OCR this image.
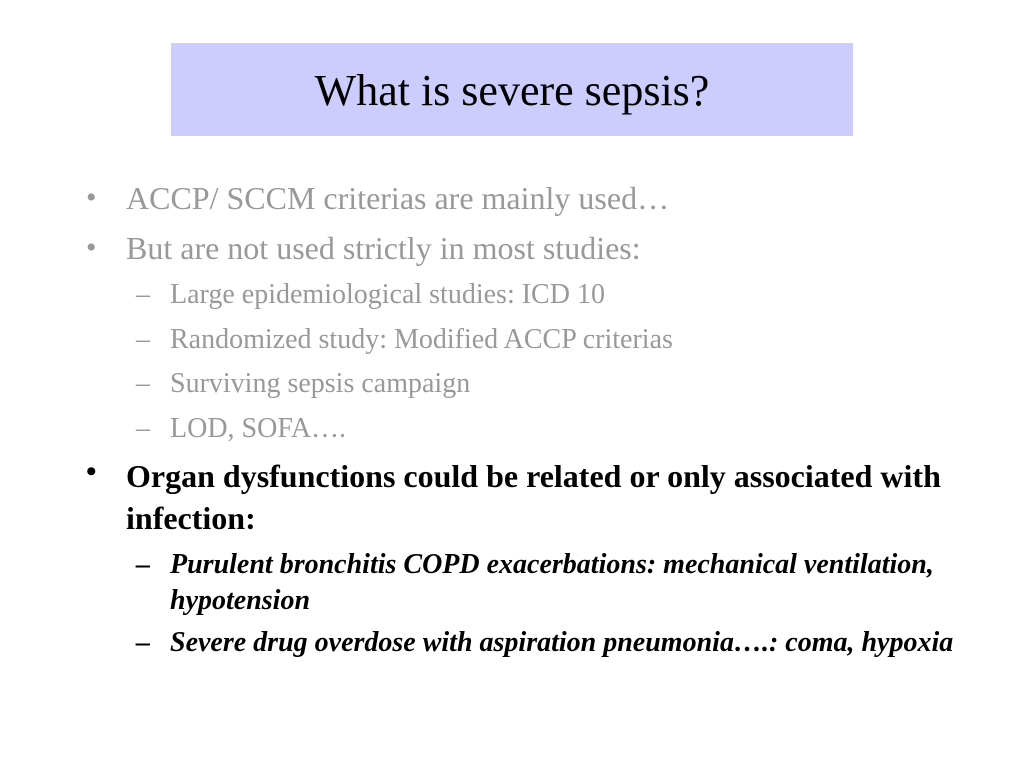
What is severe sepsis?
• ACCP/ SCCM criterias are mainly used…
• But are not used strictly in most studies:
– Large epidemiological studies: ICD 10
– Randomized study: Modified ACCP criterias
– Surviving sepsis campaign
– LOD, SOFA….
• Organ dysfunctions could be related or only associated with infection:
– Purulent bronchitis COPD exacerbations: mechanical ventilation, hypotension
– Severe drug overdose with aspiration pneumonia….: coma, hypoxia
